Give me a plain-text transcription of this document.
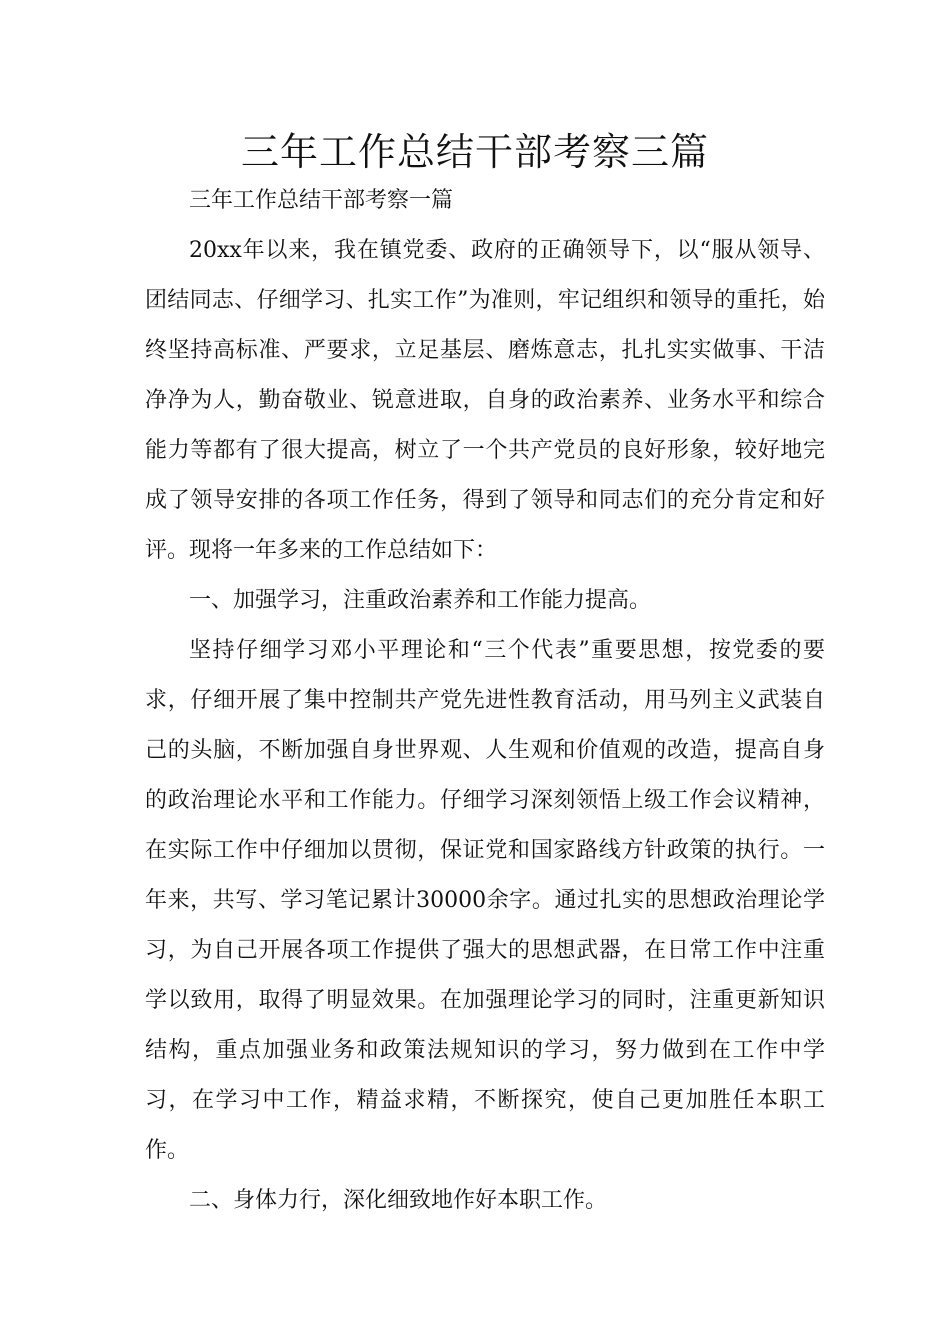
三年工作总结干部考察三篇

三年工作总结干部考察一篇

20xx年以来，我在镇党委、政府的正确领导下，以“服从领导、团结同志、仔细学习、扎实工作”为准则，牢记组织和领导的重托，始终坚持高标准、严要求，立足基层、磨炼意志，扎扎实实做事、干洁净净为人，勤奋敬业、锐意进取，自身的政治素养、业务水平和综合能力等都有了很大提高，树立了一个共产党员的良好形象，较好地完成了领导安排的各项工作任务，得到了领导和同志们的充分肯定和好评。现将一年多来的工作总结如下：

一、加强学习，注重政治素养和工作能力提高。

坚持仔细学习邓小平理论和“三个代表”重要思想，按党委的要求，仔细开展了集中控制共产党先进性教育活动，用马列主义武装自己的头脑，不断加强自身世界观、人生观和价值观的改造，提高自身的政治理论水平和工作能力。仔细学习深刻领悟上级工作会议精神，在实际工作中仔细加以贯彻，保证党和国家路线方针政策的执行。一年来，共写、学习笔记累计30000余字。通过扎实的思想政治理论学习，为自己开展各项工作提供了强大的思想武器，在日常工作中注重学以致用，取得了明显效果。在加强理论学习的同时，注重更新知识结构，重点加强业务和政策法规知识的学习，努力做到在工作中学习，在学习中工作，精益求精，不断探究，使自己更加胜任本职工作。

二、身体力行，深化细致地作好本职工作。
